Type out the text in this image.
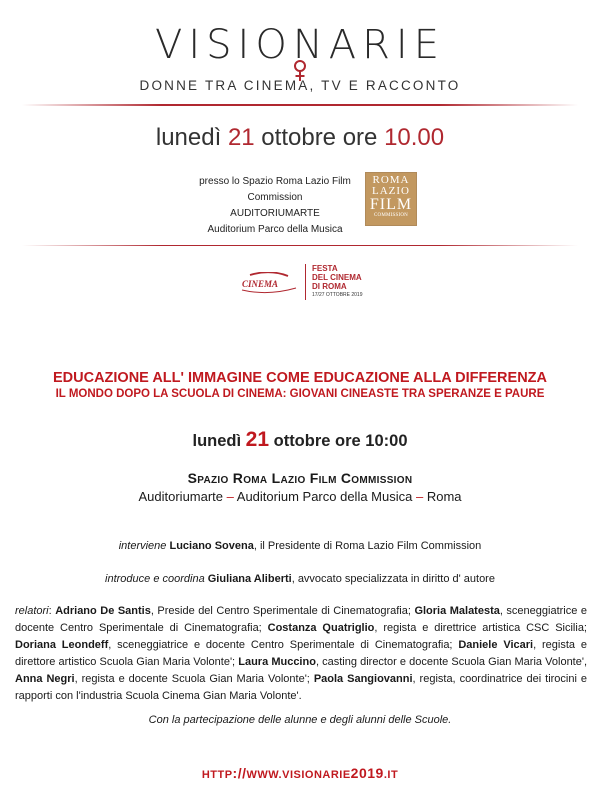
VISIONARIE
DONNE TRA CINEMA, TV E RACCONTO
lunedì 21 ottobre ore 10.00
presso lo Spazio Roma Lazio Film Commission
AUDITORIUMARTE
Auditorium Parco della Musica
ROMA
LAZIO
FILM
COMMISSION
CINEMA
FESTA
DEL CINEMA
DI ROMA
17/27 OTTOBRE 2019
EDUCAZIONE ALL' IMMAGINE COME EDUCAZIONE ALLA DIFFERENZA
IL MONDO DOPO LA SCUOLA DI CINEMA: GIOVANI CINEASTE TRA SPERANZE E PAURE
lunedì 21 ottobre ore 10:00
Spazio Roma Lazio Film Commission
Auditoriumarte – Auditorium Parco della Musica – Roma
interviene Luciano Sovena, il Presidente di Roma Lazio Film Commission
introduce e coordina Giuliana Aliberti, avvocato specializzata in diritto d' autore
relatori: Adriano De Santis, Preside del Centro Sperimentale di Cinematografia; Gloria Malatesta, sceneggiatrice e docente Centro Sperimentale di Cinematografia; Costanza Quatriglio, regista e direttrice artistica CSC Sicilia; Doriana Leondeff, sceneggiatrice e docente Centro Sperimentale di Cinematografia; Daniele Vicari, regista e direttore artistico Scuola Gian Maria Volonte'; Laura Muccino, casting director e docente Scuola Gian Maria Volonte', Anna Negri, regista e docente Scuola Gian Maria Volonte'; Paola Sangiovanni, regista, coordinatrice dei tirocini e rapporti con l'industria Scuola Cinema Gian Maria Volonte'.
Con la partecipazione delle alunne e degli alunni delle Scuole.
HTTP://WWW.VISIONARIE2019.IT
